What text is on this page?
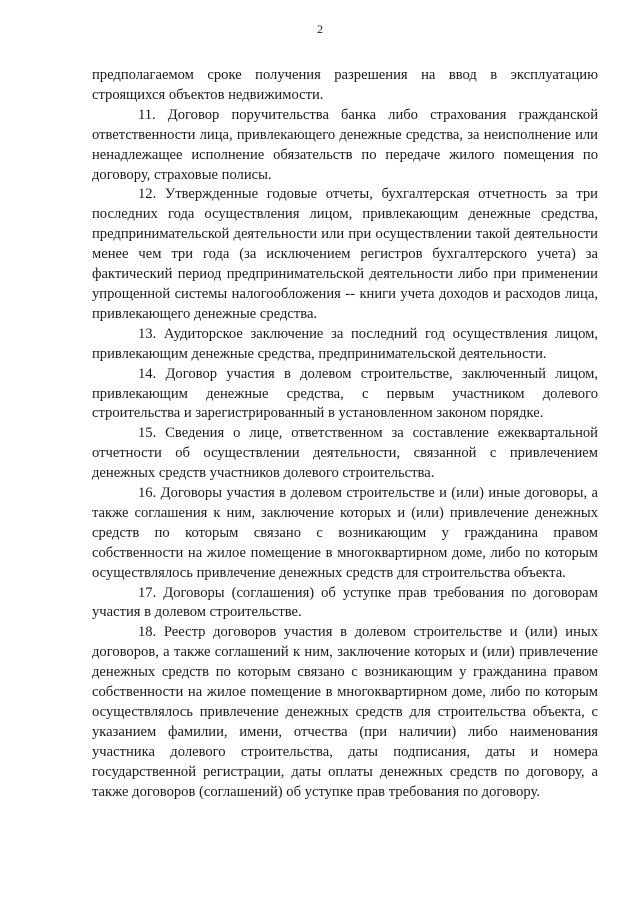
2

предполагаемом сроке получения разрешения на ввод в эксплуатацию строящихся объектов недвижимости.

11. Договор поручительства банка либо страхования гражданской ответственности лица, привлекающего денежные средства, за неисполнение или ненадлежащее исполнение обязательств по передаче жилого помещения по договору, страховые полисы.

12. Утвержденные годовые отчеты, бухгалтерская отчетность за три последних года осуществления лицом, привлекающим денежные средства, предпринимательской деятельности или при осуществлении такой деятельности менее чем три года (за исключением регистров бухгалтерского учета) за фактический период предпринимательской деятельности либо при применении упрощенной системы налогообложения -- книги учета доходов и расходов лица, привлекающего денежные средства.

13. Аудиторское заключение за последний год осуществления лицом, привлекающим денежные средства, предпринимательской деятельности.

14. Договор участия в долевом строительстве, заключенный лицом, привлекающим денежные средства, с первым участником долевого строительства и зарегистрированный в установленном законом порядке.

15. Сведения о лице, ответственном за составление ежеквартальной отчетности об осуществлении деятельности, связанной с привлечением денежных средств участников долевого строительства.

16. Договоры участия в долевом строительстве и (или) иные договоры, а также соглашения к ним, заключение которых и (или) привлечение денежных средств по которым связано с возникающим у гражданина правом собственности на жилое помещение в многоквартирном доме, либо по которым осуществлялось привлечение денежных средств для строительства объекта.

17. Договоры (соглашения) об уступке прав требования по договорам участия в долевом строительстве.

18. Реестр договоров участия в долевом строительстве и (или) иных договоров, а также соглашений к ним, заключение которых и (или) привлечение денежных средств по которым связано с возникающим у гражданина правом собственности на жилое помещение в многоквартирном доме, либо по которым осуществлялось привлечение денежных средств для строительства объекта, с указанием фамилии, имени, отчества (при наличии) либо наименования участника долевого строительства, даты подписания, даты и номера государственной регистрации, даты оплаты денежных средств по договору, а также договоров (соглашений) об уступке прав требования по договору.
